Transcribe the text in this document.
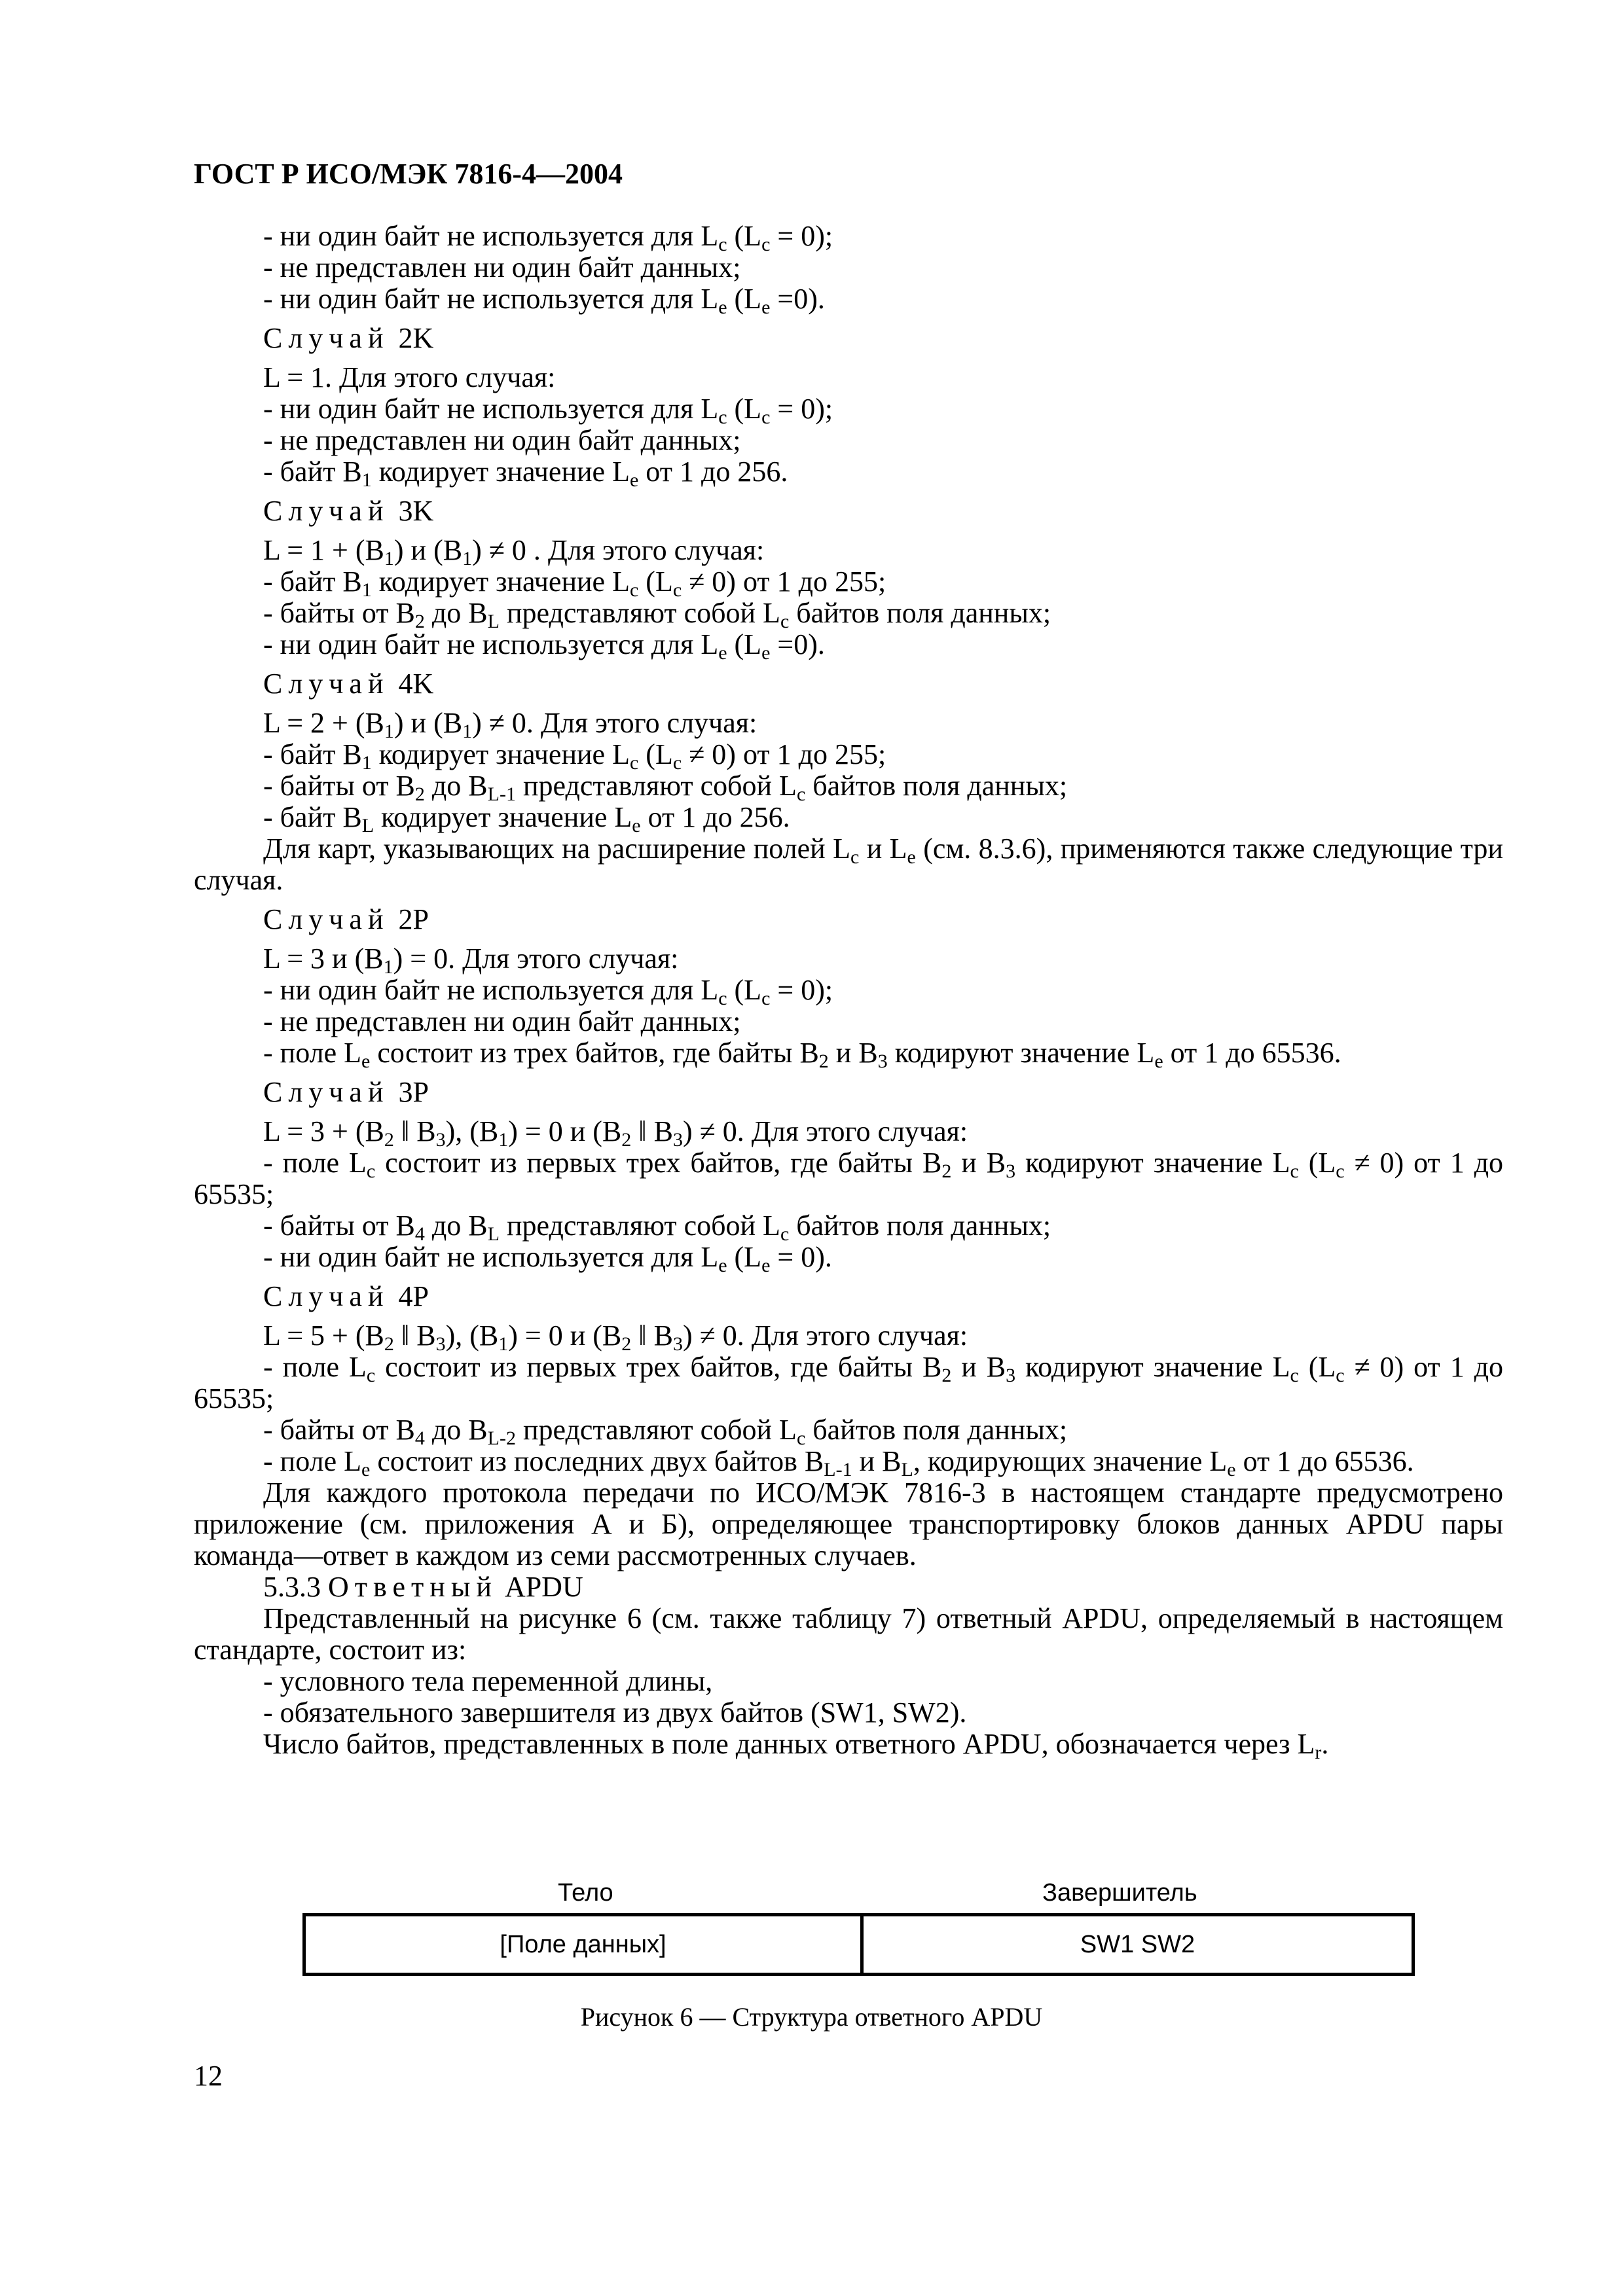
ГОСТ Р ИСО/МЭК 7816-4—2004

- ни один байт не используется для $L_c$ $(L_c = 0)$;

- не представлен ни один байт данных;

- ни один байт не используется для $L_e$ $(L_e =0)$.

Случай 2K

L = 1. Для этого случая:

- ни один байт не используется для $L_c$ $(L_c = 0)$;

- не представлен ни один байт данных;

- байт $B_1$ кодирует значение $L_e$ от 1 до 256.

Случай 3K

$L = 1 + (B_1)$ и $(B_1) \ne 0$ . Для этого случая:

- байт $B_1$ кодирует значение $L_c$ $(L_c \ne 0)$ от 1 до 255;

- байты от $B_2$ до $B_L$ представляют собой $L_c$ байтов поля данных;

- ни один байт не используется для $L_e$ $(L_e =0)$.

Случай 4K

$L = 2 + (B_1)$ и $(B_1) \ne 0$. Для этого случая:

- байт $B_1$ кодирует значение $L_c$ $(L_c \ne 0)$ от 1 до 255;

- байты от $B_2$ до $B_{L-1}$ представляют собой $L_c$ байтов поля данных;

- байт $B_L$ кодирует значение $L_e$ от 1 до 256.

Для карт, указывающих на расширение полей $L_c$ и $L_e$ (см. 8.3.6), применяются также следующие три случая.

Случай 2P

L = 3 и $(B_1) = 0$. Для этого случая:

- ни один байт не используется для $L_c$ $(L_c = 0)$;

- не представлен ни один байт данных;

- поле $L_e$ состоит из трех байтов, где байты $B_2$ и $B_3$ кодируют значение $L_e$ от 1 до 65536.

Случай 3P

$L = 3 + (B_2$ ‖ $B_3$), $(B_1) = 0$ и ($B_2$ ‖ $B_3) \ne 0$. Для этого случая:

- поле $L_c$ состоит из первых трех байтов, где байты $B_2$ и $B_3$ кодируют значение $L_c$ $(L_c \ne 0)$ от 1 до 65535;

- байты от $B_4$ до $B_L$ представляют собой $L_c$ байтов поля данных;

- ни один байт не используется для $L_e$ $(L_e = 0)$.

Случай 4P

$L = 5 + (B_2$ ‖ $B_3$), $(B_1) = 0$ и ($B_2$ ‖ $B_3) \ne 0$. Для этого случая:

- поле $L_c$ состоит из первых трех байтов, где байты $B_2$ и $B_3$ кодируют значение $L_c$ $(L_c \ne 0)$ от 1 до 65535;

- байты от $B_4$ до $B_{L-2}$ представляют собой $L_c$ байтов поля данных;

- поле $L_e$ состоит из последних двух байтов $B_{L-1}$ и $B_L$, кодирующих значение $L_e$ от 1 до 65536.

Для каждого протокола передачи по ИСО/МЭК 7816-3 в настоящем стандарте предусмотрено приложение (см. приложения А и Б), определяющее транспортировку блоков данных APDU пары команда—ответ в каждом из семи рассмотренных случаев.

5.3.3 Ответный APDU

Представленный на рисунке 6 (см. также таблицу 7) ответный APDU, определяемый в настоящем стандарте, состоит из:

- условного тела переменной длины,

- обязательного завершителя из двух байтов (SW1, SW2).

Число байтов, представленных в поле данных ответного APDU, обозначается через $L_r$.

Тело	Завершитель
[Поле данных]	SW1 SW2
Рисунок 6 — Структура ответного APDU
12
